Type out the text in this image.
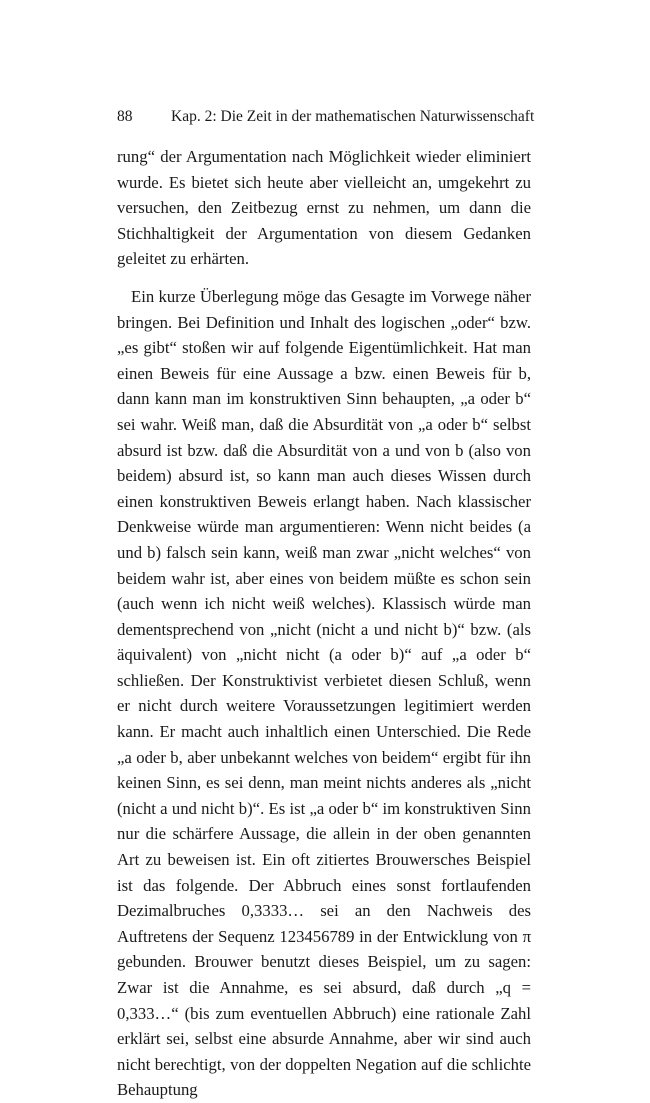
88 Kap. 2: Die Zeit in der mathematischen Naturwissenschaft

rung“ der Argumentation nach Möglichkeit wieder eliminiert wurde. Es bietet sich heute aber vielleicht an, umgekehrt zu versuchen, den Zeitbezug ernst zu nehmen, um dann die Stichhaltigkeit der Argumentation von diesem Gedanken geleitet zu erhärten.

Ein kurze Überlegung möge das Gesagte im Vorwege näher bringen. Bei Definition und Inhalt des logischen „oder“ bzw. „es gibt“ stoßen wir auf folgende Eigentümlichkeit. Hat man einen Beweis für eine Aussage a bzw. einen Beweis für b, dann kann man im konstruktiven Sinn behaupten, „a oder b“ sei wahr. Weiß man, daß die Absurdität von „a oder b“ selbst absurd ist bzw. daß die Absurdität von a und von b (also von beidem) absurd ist, so kann man auch dieses Wissen durch einen konstruktiven Beweis erlangt haben. Nach klassischer Denkweise würde man argumentieren: Wenn nicht beides (a und b) falsch sein kann, weiß man zwar „nicht welches“ von beidem wahr ist, aber eines von beidem müßte es schon sein (auch wenn ich nicht weiß welches). Klassisch würde man dementsprechend von „nicht (nicht a und nicht b)“ bzw. (als äquivalent) von „nicht nicht (a oder b)“ auf „a oder b“ schließen. Der Konstruktivist verbietet diesen Schluß, wenn er nicht durch weitere Voraussetzungen legitimiert werden kann. Er macht auch inhaltlich einen Unterschied. Die Rede „a oder b, aber unbekannt welches von beidem“ ergibt für ihn keinen Sinn, es sei denn, man meint nichts anderes als „nicht (nicht a und nicht b)“. Es ist „a oder b“ im konstruktiven Sinn nur die schärfere Aussage, die allein in der oben genannten Art zu beweisen ist. Ein oft zitiertes Brouwersches Beispiel ist das folgende. Der Abbruch eines sonst fortlaufenden Dezimalbruches 0,3333… sei an den Nachweis des Auftretens der Sequenz 123456789 in der Entwicklung von π gebunden. Brouwer benutzt dieses Beispiel, um zu sagen: Zwar ist die Annahme, es sei absurd, daß durch „q = 0,333…“ (bis zum eventuellen Abbruch) eine rationale Zahl erklärt sei, selbst eine absurde Annahme, aber wir sind auch nicht berechtigt, von der doppelten Negation auf die schlichte Behauptung
